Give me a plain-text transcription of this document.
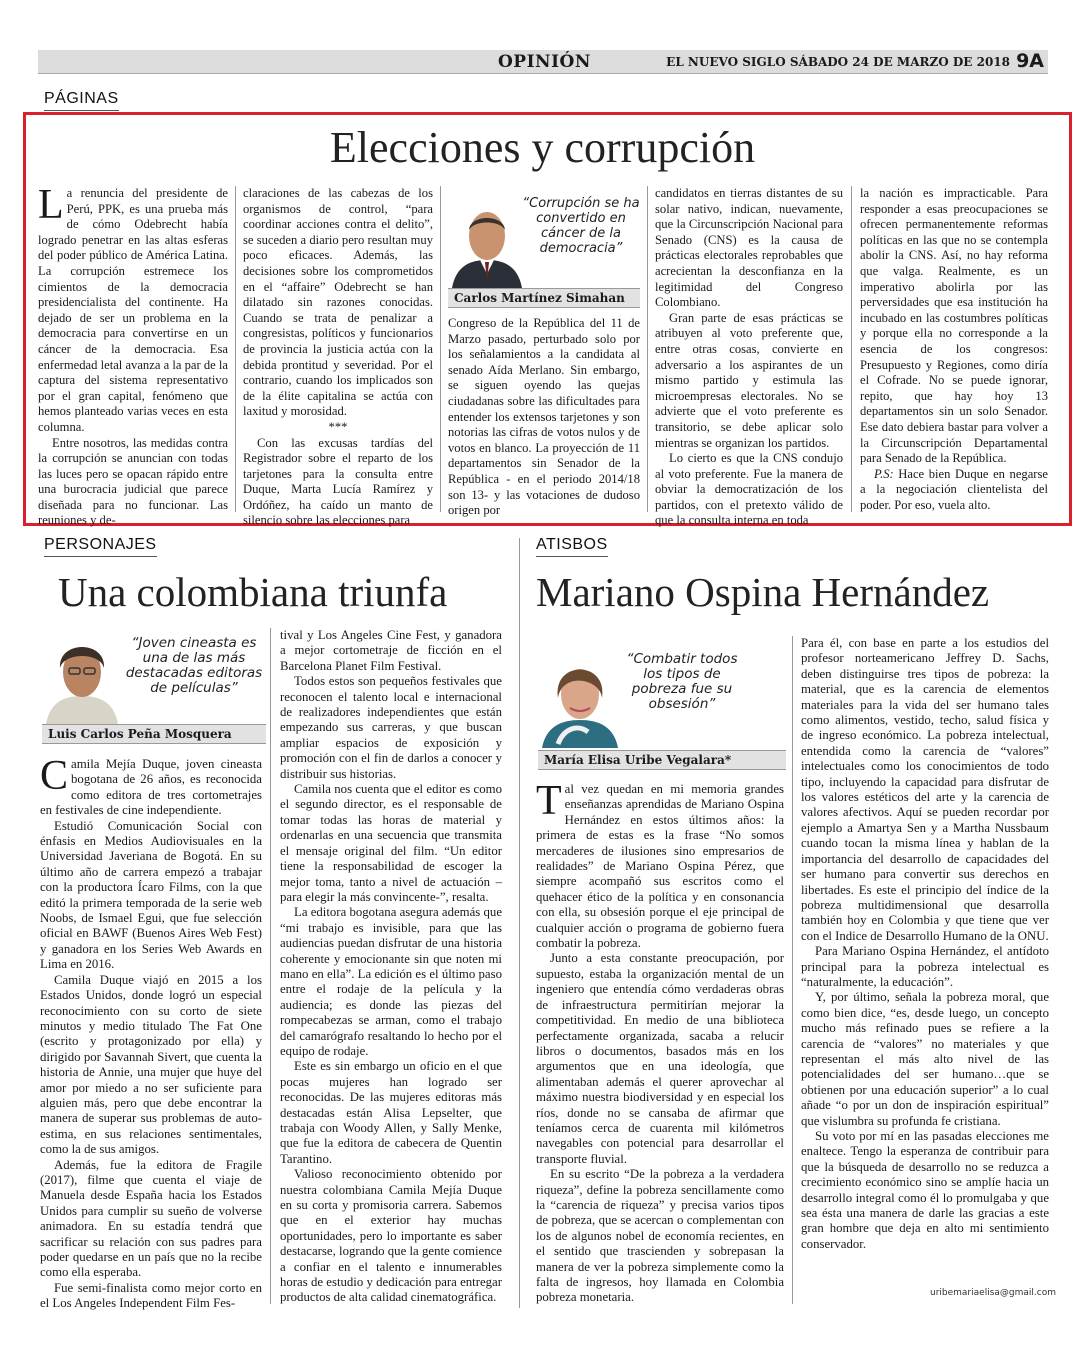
OPINIÓN	EL NUEVO SIGLO SÁBADO 24 DE MARZO DE 2018 9A
PÁGINAS
Elecciones y corrupción

La renuncia del presidente de Perú, PPK, es una prueba más de cómo Odebrecht había logrado penetrar en las altas esferas del poder público de América Latina. La corrupción estremece los cimientos de la democracia presidencialista del continente. Ha dejado de ser un problema en la democracia para convertirse en un cáncer de la democracia. Esa enfermedad letal avanza a la par de la captura del sistema representativo por el gran capital, fenómeno que hemos planteado varias veces en esta columna.

Entre nosotros, las medidas contra la corrupción se anuncian con todas las luces pero se opacan rápido entre una burocracia judicial que parece diseñada para no funcionar. Las reuniones y de-

claraciones de las cabezas de los organismos de control, “para coordinar acciones contra el delito”, se suceden a diario pero resultan muy poco eficaces. Además, las decisiones sobre los comprometidos en el “affaire” Odebrecht se han dilatado sin razones conocidas. Cuando se trata de penalizar a congresistas, políticos y funcionarios de provincia la justicia actúa con la debida prontitud y severidad. Por el contrario, cuando los implicados son de la élite capitalina se actúa con laxitud y morosidad.

***

Con las excusas tardías del Registrador sobre el reparto de los tarjetones para la consulta entre Duque, Marta Lucía Ramírez y Ordóñez, ha caído un manto de silencio sobre las elecciones para

“Corrupción se ha convertido en cáncer de la democracia”
Carlos Martínez Simahan

Congreso de la República del 11 de Marzo pasado, perturbado solo por los señalamientos a la candidata al senado Aída Merlano. Sin embargo, se siguen oyendo las quejas ciudadanas sobre las dificultades para entender los extensos tarjetones y son notorias las cifras de votos nulos y de votos en blanco. La proyección de 11 departamentos sin Senador de la República - en el periodo 2014/18 son 13- y las votaciones de dudoso origen por

candidatos en tierras distantes de su solar nativo, indican, nuevamente, que la Circunscripción Nacional para Senado (CNS) es la causa de prácticas electorales reprobables que acrecientan la desconfianza en la legitimidad del Congreso Colombiano.

Gran parte de esas prácticas se atribuyen al voto preferente que, entre otras cosas, convierte en adversario a los aspirantes de un mismo partido y estimula las microempresas electorales. No se advierte que el voto preferente es transitorio, se debe aplicar solo mientras se organizan los partidos.

Lo cierto es que la CNS condujo al voto preferente. Fue la manera de obviar la democratización de los partidos, con el pretexto válido de que la consulta interna en toda

la nación es impracticable. Para responder a esas preocupaciones se ofrecen permanentemente reformas políticas en las que no se contempla abolir la CNS. Así, no hay reforma que valga. Realmente, es un imperativo abolirla por las perversidades que esa institución ha incubado en las costumbres políticas y porque ella no corresponde a la esencia de los congresos: Presupuesto y Regiones, como diría el Cofrade. No se puede ignorar, repito, que hay hoy 13 departamentos sin un solo Senador. Ese dato debiera bastar para volver a la Circunscripción Departamental para Senado de la República.

P.S: Hace bien Duque en negarse a la negociación clientelista del poder. Por eso, vuela alto.

PERSONAJES
Una colombiana triunfa
“Joven cineasta es una de las más destacadas editoras de películas”
Luis Carlos Peña Mosquera

Camila Mejía Duque, joven cineasta bogotana de 26 años, es reconocida como editora de tres cortometrajes en festivales de cine independiente.

Estudió Comunicación Social con énfasis en Medios Audiovisuales en la Universidad Javeriana de Bogotá. En su último año de carrera empezó a trabajar con la productora Ícaro Films, con la que editó la primera temporada de la serie web Noobs, de Ismael Egui, que fue selección oficial en BAWF (Buenos Aires Web Fest) y ganadora en los Series Web Awards en Lima en 2016.

Camila Duque viajó en 2015 a los Estados Unidos, donde logró un especial reconocimiento con su corto de siete minutos y medio titulado The Fat One (escrito y protagonizado por ella) y dirigido por Savannah Sivert, que cuenta la historia de Annie, una mujer que huye del amor por miedo a no ser suficiente para alguien más, pero que debe encontrar la manera de superar sus problemas de auto-estima, en sus relaciones sentimentales, como la de sus amigos.

Además, fue la editora de Fragile (2017), filme que cuenta el viaje de Manuela desde España hacia los Estados Unidos para cumplir su sueño de volverse animadora. En su estadía tendrá que sacrificar su relación con sus padres para poder quedarse en un país que no la recibe como ella esperaba.

Fue semi-finalista como mejor corto en el Los Angeles Independent Film Fes-

tival y Los Angeles Cine Fest, y ganadora a mejor cortometraje de ficción en el Barcelona Planet Film Festival.

Todos estos son pequeños festivales que reconocen el talento local e internacional de realizadores independientes que están empezando sus carreras, y que buscan ampliar espacios de exposición y promoción con el fin de darlos a conocer y distribuir sus historias.

Camila nos cuenta que el editor es como el segundo director, es el responsable de tomar todas las horas de material y ordenarlas en una secuencia que transmita el mensaje original del film. “Un editor tiene la responsabilidad de escoger la mejor toma, tanto a nivel de actuación –para elegir la más convincente-”, resalta.

La editora bogotana asegura además que “mi trabajo es invisible, para que las audiencias puedan disfrutar de una historia coherente y emocionante sin que noten mi mano en ella”. La edición es el último paso entre el rodaje de la película y la audiencia; es donde las piezas del rompecabezas se arman, como el trabajo del camarógrafo resaltando lo hecho por el equipo de rodaje.

Este es sin embargo un oficio en el que pocas mujeres han logrado ser reconocidas. De las mujeres editoras más destacadas están Alisa Lepselter, que trabaja con Woody Allen, y Sally Menke, que fue la editora de cabecera de Quentin Tarantino.

Valioso reconocimiento obtenido por nuestra colombiana Camila Mejía Duque en su corta y promisoria carrera. Sabemos que en el exterior hay muchas oportunidades, pero lo importante es saber destacarse, logrando que la gente comience a confiar en el talento e innumerables horas de estudio y dedicación para entregar productos de alta calidad cinematográfica.

ATISBOS
Mariano Ospina Hernández
“Combatir todos los tipos de pobreza fue su obsesión”
María Elisa Uribe Vegalara*

Tal vez quedan en mi memoria grandes enseñanzas aprendidas de Mariano Ospina Hernández en estos últimos años: la primera de estas es la frase “No somos mercaderes de ilusiones sino empresarios de realidades” de Mariano Ospina Pérez, que siempre acompañó sus escritos como el quehacer ético de la política y en consonancia con ella, su obsesión porque el eje principal de cualquier acción o programa de gobierno fuera combatir la pobreza.

Junto a esta constante preocupación, por supuesto, estaba la organización mental de un ingeniero que entendía cómo verdaderas obras de infraestructura permitirían mejorar la competitividad. En medio de una biblioteca perfectamente organizada, sacaba a relucir libros o documentos, basados más en los argumentos que en una ideología, que alimentaban además el querer aprovechar al máximo nuestra biodiversidad y en especial los ríos, donde no se cansaba de afirmar que teníamos cerca de cuarenta mil kilómetros navegables con potencial para desarrollar el transporte fluvial.

En su escrito “De la pobreza a la verdadera riqueza”, define la pobreza sencillamente como la “carencia de riqueza” y precisa varios tipos de pobreza, que se acercan o complementan con los de algunos nobel de economía recientes, en el sentido que trascienden y sobrepasan la manera de ver la pobreza simplemente como la falta de ingresos, hoy llamada en Colombia pobreza monetaria.

Para él, con base en parte a los estudios del profesor norteamericano Jeffrey D. Sachs, deben distinguirse tres tipos de pobreza: la material, que es la carencia de elementos materiales para la vida del ser humano tales como alimentos, vestido, techo, salud física y de ingreso económico. La pobreza intelectual, entendida como la carencia de “valores” intelectuales como los conocimientos de todo tipo, incluyendo la capacidad para disfrutar de los valores estéticos del arte y la carencia de valores afectivos. Aquí se pueden recordar por ejemplo a Amartya Sen y a Martha Nussbaum cuando tocan la misma línea y hablan de la importancia del desarrollo de capacidades del ser humano para convertir sus derechos en libertades. Es este el principio del índice de la pobreza multidimensional que desarrolla también hoy en Colombia y que tiene que ver con el Indice de Desarrollo Humano de la ONU.

Para Mariano Ospina Hernández, el antídoto principal para la pobreza intelectual es “naturalmente, la educación”.

Y, por último, señala la pobreza moral, que como bien dice, “es, desde luego, un concepto mucho más refinado pues se refiere a la carencia de “valores” no materiales y que representan el más alto nivel de las potencialidades del ser humano…que se obtienen por una educación superior” a lo cual añade “o por un don de inspiración espiritual” que vislumbra su profunda fe cristiana.

Su voto por mí en las pasadas elecciones me enaltece. Tengo la esperanza de contribuir para que la búsqueda de desarrollo no se reduzca a crecimiento económico sino se amplíe hacia un desarrollo integral como él lo promulgaba y que sea ésta una manera de darle las gracias a este gran hombre que deja en alto mi sentimiento conservador.

uribemariaelisa@gmail.com
